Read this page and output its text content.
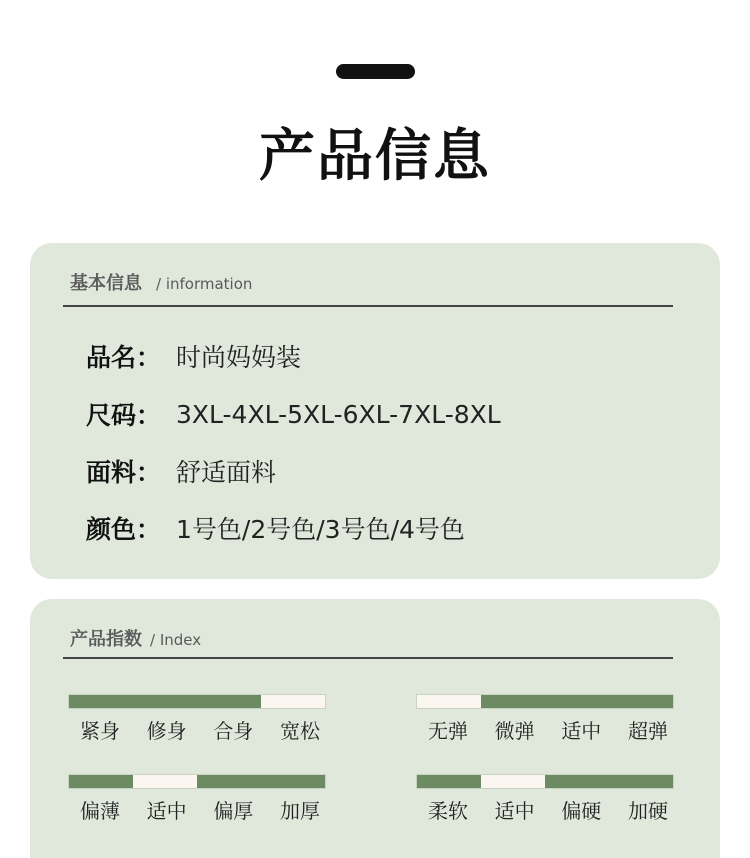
产品信息
基本信息 / information
品名： 时尚妈妈装
尺码： 3XL-4XL-5XL-6XL-7XL-8XL
面料： 舒适面料
颜色： 1号色/2号色/3号色/4号色
产品指数 / Index
紧身 修身 合身 宽松	无弹 微弹 适中 超弹
偏薄 适中 偏厚 加厚	柔软 适中 偏硬 加硬
